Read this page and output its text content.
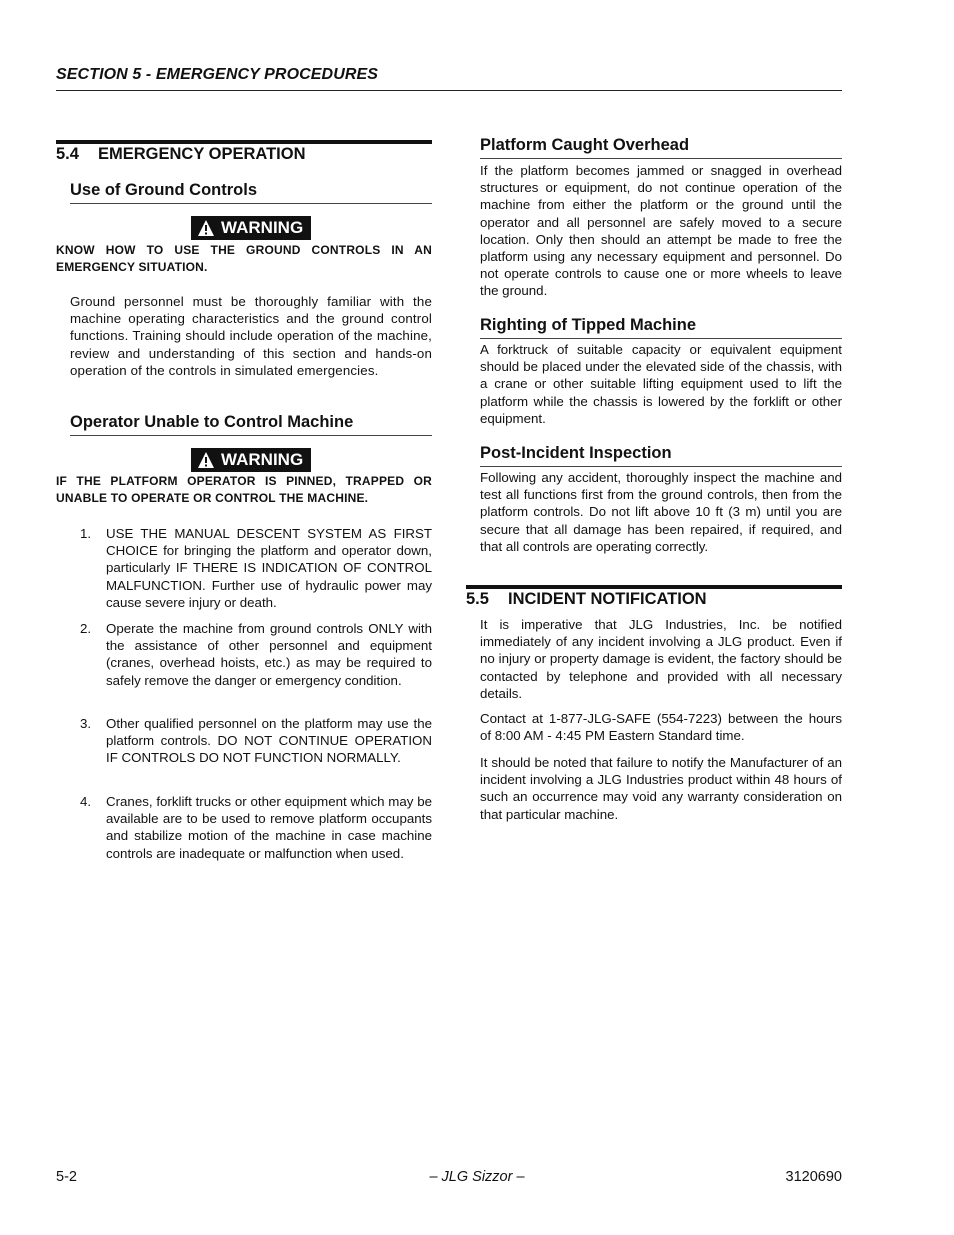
SECTION 5 - EMERGENCY PROCEDURES
5.4 EMERGENCY OPERATION
Use of Ground Controls
WARNING
KNOW HOW TO USE THE GROUND CONTROLS IN AN EMERGENCY SITUATION.
Ground personnel must be thoroughly familiar with the machine operating characteristics and the ground control functions. Training should include operation of the machine, review and understanding of this section and hands-on operation of the controls in simulated emergencies.
Operator Unable to Control Machine
WARNING
IF THE PLATFORM OPERATOR IS PINNED, TRAPPED OR UNABLE TO OPERATE OR CONTROL THE MACHINE.
1. USE THE MANUAL DESCENT SYSTEM AS FIRST CHOICE for bringing the platform and operator down, particularly IF THERE IS INDICATION OF CONTROL MALFUNCTION. Further use of hydraulic power may cause severe injury or death.
2. Operate the machine from ground controls ONLY with the assistance of other personnel and equipment (cranes, overhead hoists, etc.) as may be required to safely remove the danger or emergency condition.
3. Other qualified personnel on the platform may use the platform controls. DO NOT CONTINUE OPERATION IF CONTROLS DO NOT FUNCTION NORMALLY.
4. Cranes, forklift trucks or other equipment which may be available are to be used to remove platform occupants and stabilize motion of the machine in case machine controls are inadequate or malfunction when used.
Platform Caught Overhead
If the platform becomes jammed or snagged in overhead structures or equipment, do not continue operation of the machine from either the platform or the ground until the operator and all personnel are safely moved to a secure location. Only then should an attempt be made to free the platform using any necessary equipment and personnel. Do not operate controls to cause one or more wheels to leave the ground.
Righting of Tipped Machine
A forktruck of suitable capacity or equivalent equipment should be placed under the elevated side of the chassis, with a crane or other suitable lifting equipment used to lift the platform while the chassis is lowered by the forklift or other equipment.
Post-Incident Inspection
Following any accident, thoroughly inspect the machine and test all functions first from the ground controls, then from the platform controls. Do not lift above 10 ft (3 m) until you are secure that all damage has been repaired, if required, and that all controls are operating correctly.
5.5 INCIDENT NOTIFICATION
It is imperative that JLG Industries, Inc. be notified immediately of any incident involving a JLG product. Even if no injury or property damage is evident, the factory should be contacted by telephone and provided with all necessary details.
Contact at 1-877-JLG-SAFE (554-7223) between the hours of 8:00 AM - 4:45 PM Eastern Standard time.
It should be noted that failure to notify the Manufacturer of an incident involving a JLG Industries product within 48 hours of such an occurrence may void any warranty consideration on that particular machine.
5-2	– JLG Sizzor –	3120690
